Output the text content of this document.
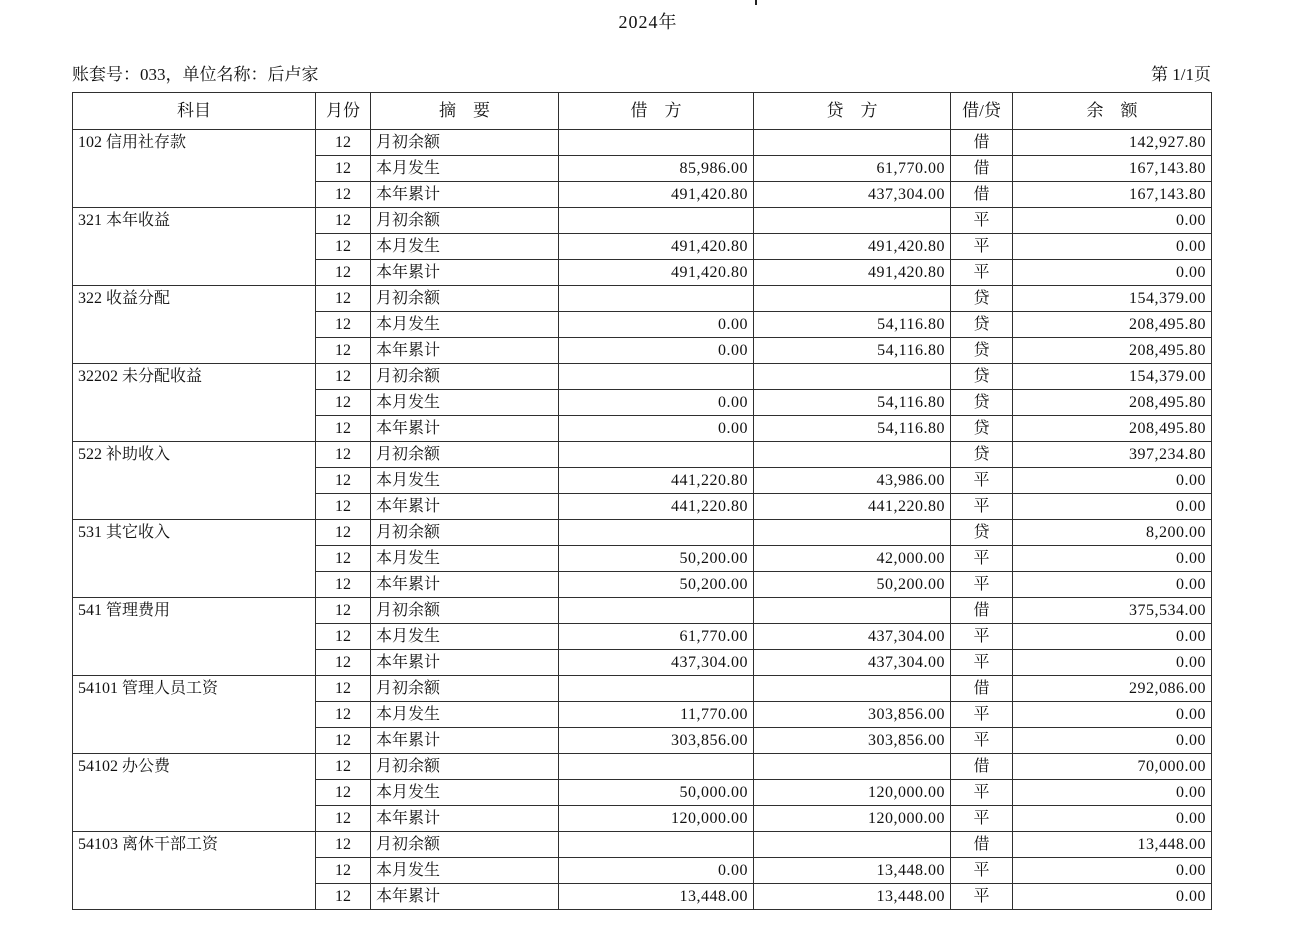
2024年
账套号：033，单位名称：后卢家	第 1/1页
科目	月份	摘　要	借　方	贷　方	借/贷	余　额
102 信用社存款	12	月初余额			借	142,927.80
	12	本月发生	85,986.00	61,770.00	借	167,143.80
	12	本年累计	491,420.80	437,304.00	借	167,143.80
321 本年收益	12	月初余额			平	0.00
	12	本月发生	491,420.80	491,420.80	平	0.00
	12	本年累计	491,420.80	491,420.80	平	0.00
322 收益分配	12	月初余额			贷	154,379.00
	12	本月发生	0.00	54,116.80	贷	208,495.80
	12	本年累计	0.00	54,116.80	贷	208,495.80
32202 未分配收益	12	月初余额			贷	154,379.00
	12	本月发生	0.00	54,116.80	贷	208,495.80
	12	本年累计	0.00	54,116.80	贷	208,495.80
522 补助收入	12	月初余额			贷	397,234.80
	12	本月发生	441,220.80	43,986.00	平	0.00
	12	本年累计	441,220.80	441,220.80	平	0.00
531 其它收入	12	月初余额			贷	8,200.00
	12	本月发生	50,200.00	42,000.00	平	0.00
	12	本年累计	50,200.00	50,200.00	平	0.00
541 管理费用	12	月初余额			借	375,534.00
	12	本月发生	61,770.00	437,304.00	平	0.00
	12	本年累计	437,304.00	437,304.00	平	0.00
54101 管理人员工资	12	月初余额			借	292,086.00
	12	本月发生	11,770.00	303,856.00	平	0.00
	12	本年累计	303,856.00	303,856.00	平	0.00
54102 办公费	12	月初余额			借	70,000.00
	12	本月发生	50,000.00	120,000.00	平	0.00
	12	本年累计	120,000.00	120,000.00	平	0.00
54103 离休干部工资	12	月初余额			借	13,448.00
	12	本月发生	0.00	13,448.00	平	0.00
	12	本年累计	13,448.00	13,448.00	平	0.00
